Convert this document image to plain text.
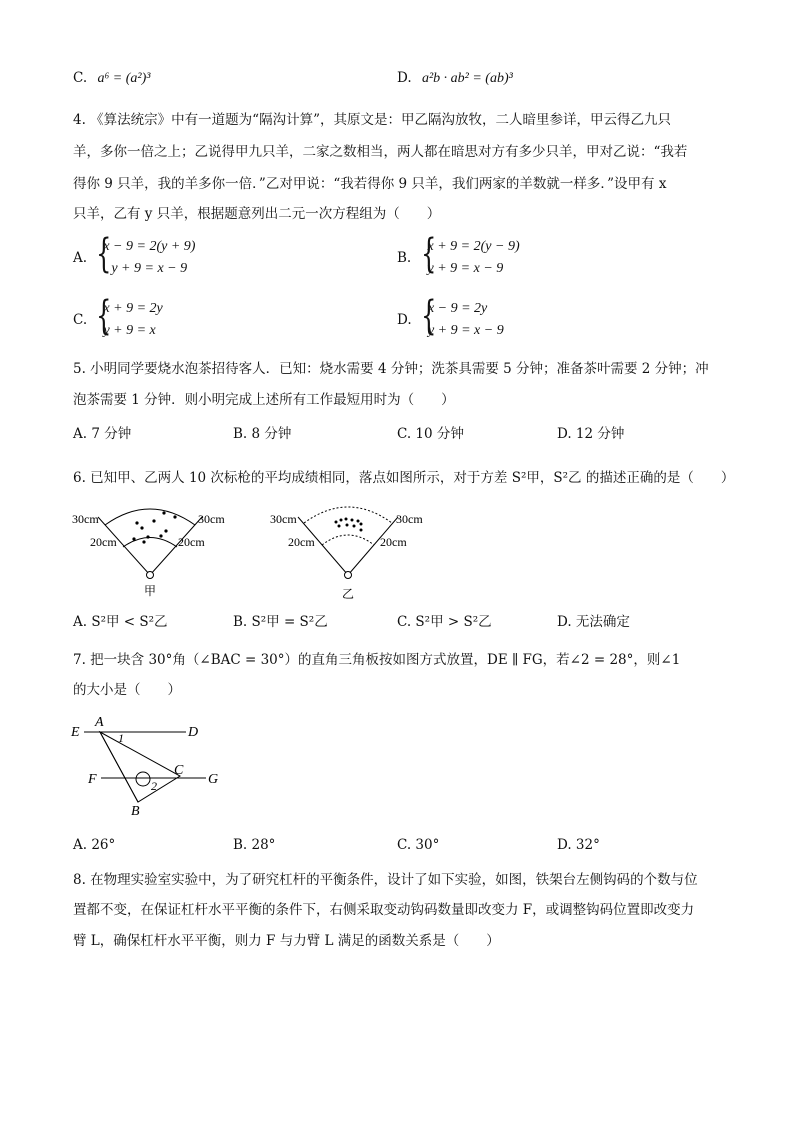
C. a⁶ = (a²)³	D. a²b · ab² = (ab)³
4. 《算法统宗》中有一道题为“隔沟计算”，其原文是：甲乙隔沟放牧，二人暗里参详，甲云得乙九只
羊，多你一倍之上；乙说得甲九只羊，二家之数相当，两人都在暗思对方有多少只羊，甲对乙说：“我若
得你 9 只羊，我的羊多你一倍．”乙对甲说：“我若得你 9 只羊，我们两家的羊数就一样多．”设甲有 x
只羊，乙有 y 只羊，根据题意列出二元一次方程组为（　　）
A. {
x − 9 = 2(y + 9)
y + 9 = x − 9
B. {
x + 9 = 2(y − 9)
y + 9 = x − 9
C. {
x + 9 = 2y
y + 9 = x
D. {
x − 9 = 2y
y + 9 = x − 9
5. 小明同学要烧水泡茶招待客人．已知：烧水需要 4 分钟；洗茶具需要 5 分钟；准备茶叶需要 2 分钟；冲
泡茶需要 1 分钟．则小明完成上述所有工作最短用时为（　　）
A. 7 分钟	B. 8 分钟	C. 10 分钟	D. 12 分钟
6. 已知甲、乙两人 10 次标枪的平均成绩相同，落点如图所示，对于方差 S²甲，S²乙 的描述正确的是（　　）
30cm	30cm
20cm	20cm
甲
30cm	30cm
20cm	20cm
乙
A. S²甲 < S²乙	B. S²甲 = S²乙	C. S²甲 > S²乙	D. 无法确定
7. 把一块含 30°角（∠BAC = 30°）的直角三角板按如图方式放置，DE ∥ FG，若∠2 = 28°，则∠1
的大小是（　　）
E
A
D
1
F
C
G
2
B
A. 26°	B. 28°	C. 30°	D. 32°
8. 在物理实验室实验中，为了研究杠杆的平衡条件，设计了如下实验，如图，铁架台左侧钩码的个数与位
置都不变，在保证杠杆水平平衡的条件下，右侧采取变动钩码数量即改变力 F，或调整钩码位置即改变力
臂 L，确保杠杆水平平衡，则力 F 与力臂 L 满足的函数关系是（　　）
